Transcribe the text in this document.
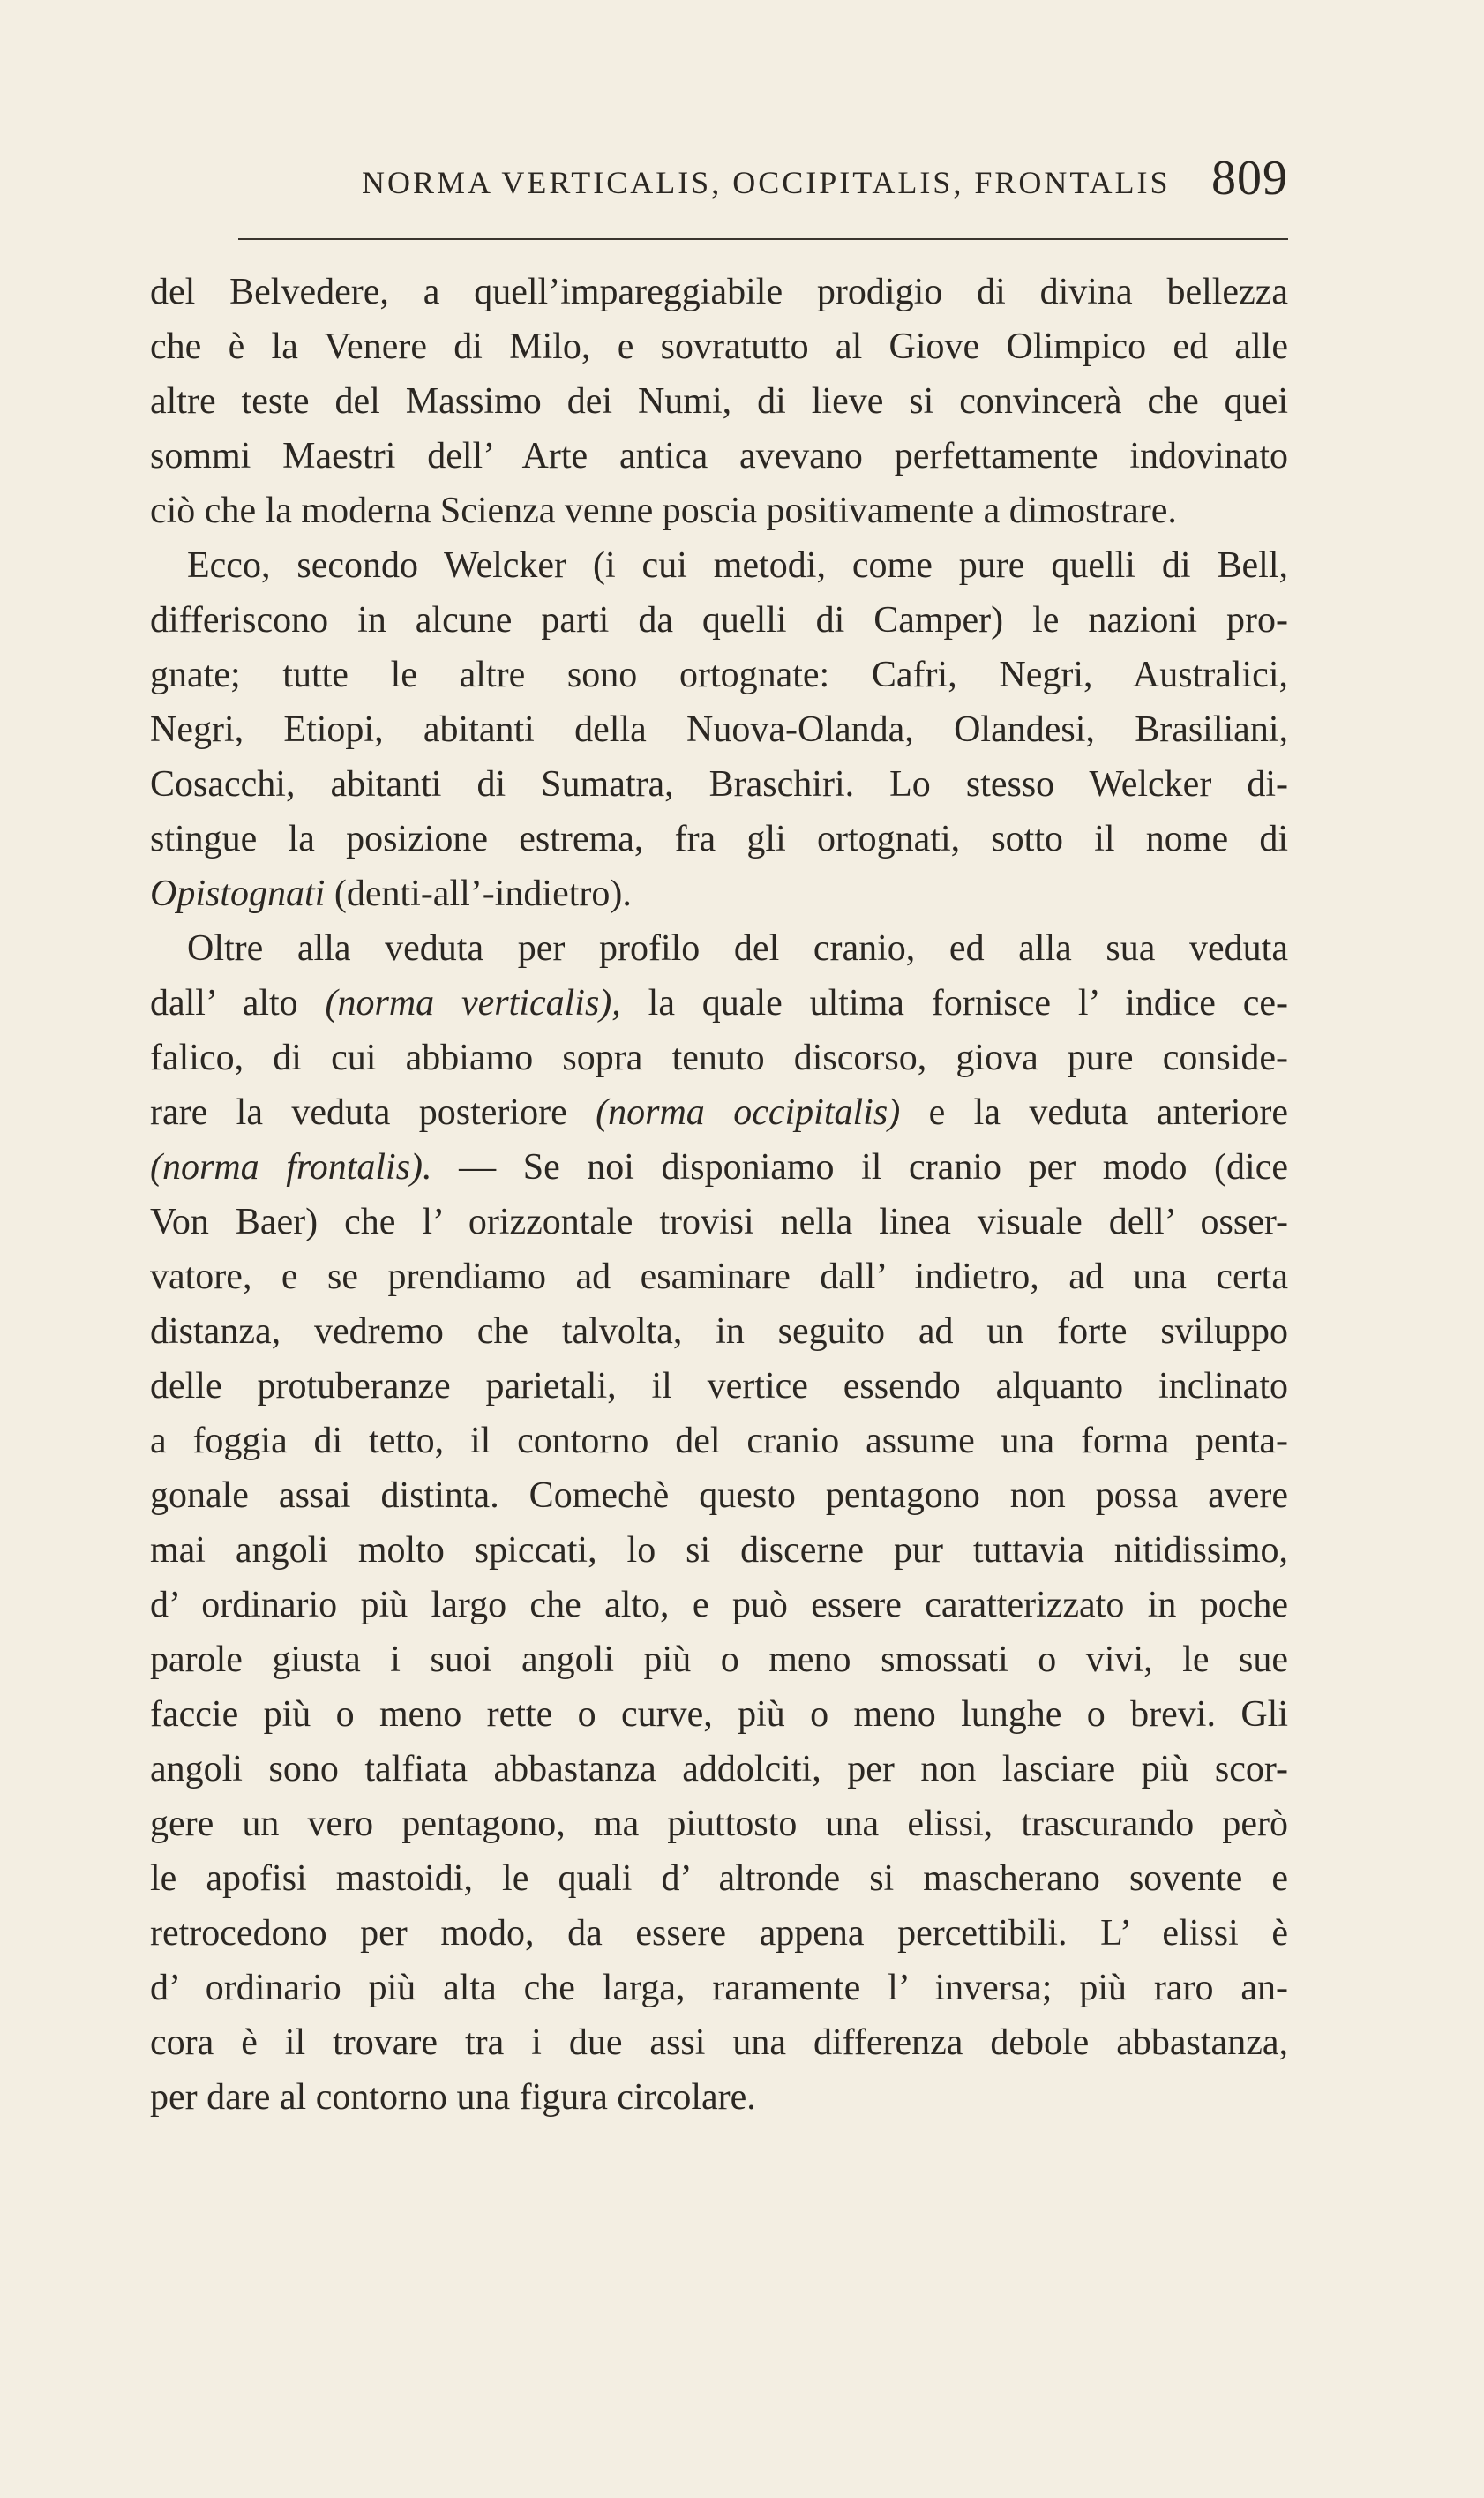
NORMA VERTICALIS, OCCIPITALIS, FRONTALIS 809
del Belvedere, a quell’impareggiabile prodigio di divina bellezza
che è la Venere di Milo, e sovratutto al Giove Olimpico ed alle
altre teste del Massimo dei Numi, di lieve si convincerà che quei
sommi Maestri dell’ Arte antica avevano perfettamente indovinato
ciò che la moderna Scienza venne poscia positivamente a dimostrare.
Ecco, secondo Welcker (i cui metodi, come pure quelli di Bell,
differiscono in alcune parti da quelli di Camper) le nazioni pro-
gnate; tutte le altre sono ortognate: Cafri, Negri, Australici,
Negri, Etiopi, abitanti della Nuova-Olanda, Olandesi, Brasiliani,
Cosacchi, abitanti di Sumatra, Braschiri. Lo stesso Welcker di-
stingue la posizione estrema, fra gli ortognati, sotto il nome di
Opistognati (denti-all’-indietro).
Oltre alla veduta per profilo del cranio, ed alla sua veduta
dall’ alto (norma verticalis), la quale ultima fornisce l’ indice ce-
falico, di cui abbiamo sopra tenuto discorso, giova pure conside-
rare la veduta posteriore (norma occipitalis) e la veduta anteriore
(norma frontalis). — Se noi disponiamo il cranio per modo (dice
Von Baer) che l’ orizzontale trovisi nella linea visuale dell’ osser-
vatore, e se prendiamo ad esaminare dall’ indietro, ad una certa
distanza, vedremo che talvolta, in seguito ad un forte sviluppo
delle protuberanze parietali, il vertice essendo alquanto inclinato
a foggia di tetto, il contorno del cranio assume una forma penta-
gonale assai distinta. Comechè questo pentagono non possa avere
mai angoli molto spiccati, lo si discerne pur tuttavia nitidissimo,
d’ ordinario più largo che alto, e può essere caratterizzato in poche
parole giusta i suoi angoli più o meno smossati o vivi, le sue
faccie più o meno rette o curve, più o meno lunghe o brevi. Gli
angoli sono talfiata abbastanza addolciti, per non lasciare più scor-
gere un vero pentagono, ma piuttosto una elissi, trascurando però
le apofisi mastoidi, le quali d’ altronde si mascherano sovente e
retrocedono per modo, da essere appena percettibili. L’ elissi è
d’ ordinario più alta che larga, raramente l’ inversa; più raro an-
cora è il trovare tra i due assi una differenza debole abbastanza,
per dare al contorno una figura circolare.
